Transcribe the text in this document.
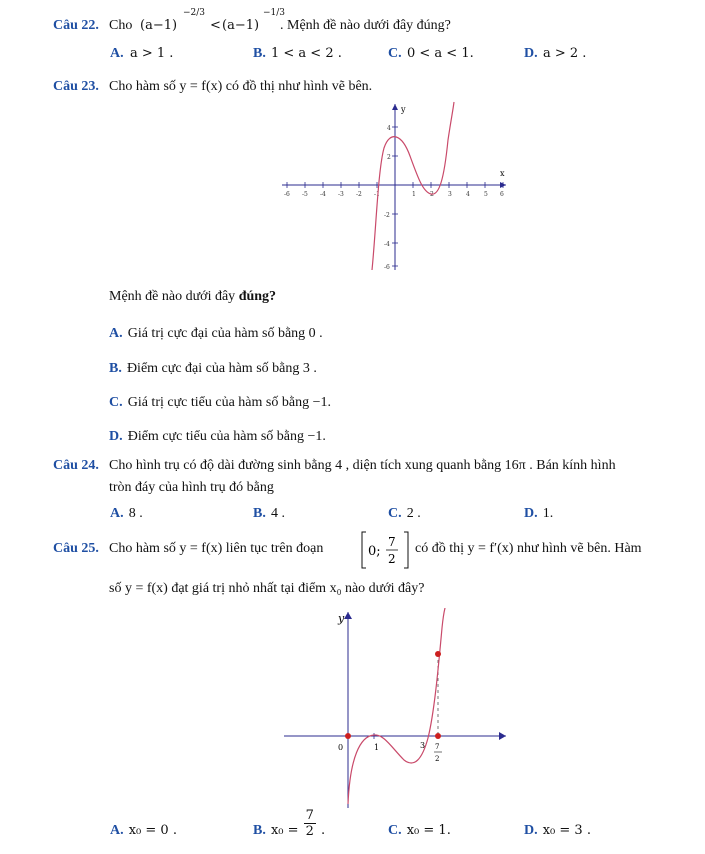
Câu 22. Cho (a−1)
−2/3
< (a−1)
−1/3
. Mệnh đề nào dưới đây đúng?
A. a > 1 .	B. 1 < a < 2 .	C. 0 < a < 1.	D. a > 2 .
Câu 23. Cho hàm số y = f(x) có đồ thị như hình vẽ bên.
x
y
-6 -5 -4 -3 -2 -1	1 2 3 4 5 6
4
2
-2
-4
-6
Mệnh đề nào dưới đây đúng?
A. Giá trị cực đại của hàm số bằng 0 .
B. Điểm cực đại của hàm số bằng 3 .
C. Giá trị cực tiểu của hàm số bằng −1.
D. Điểm cực tiểu của hàm số bằng −1.
Câu 24. Cho hình trụ có độ dài đường sinh bằng 4 , diện tích xung quanh bằng 16π . Bán kính hình
tròn đáy của hình trụ đó bằng
A. 8 .	B. 4 .	C. 2 .	D. 1.
Câu 25. Cho hàm số y = f(x) liên tục trên đoạn	0;
7
2
có đồ thị y = f′(x) như hình vẽ bên. Hàm
số y = f(x) đạt giá trị nhỏ nhất tại điểm x₀ nào dưới đây?
y
0	1	3 7
2
A. x₀ = 0 .	B. $_{x_0 =} \frac{7}{2} _.$	C. x₀ = 1.	D. x₀ = 3 .
